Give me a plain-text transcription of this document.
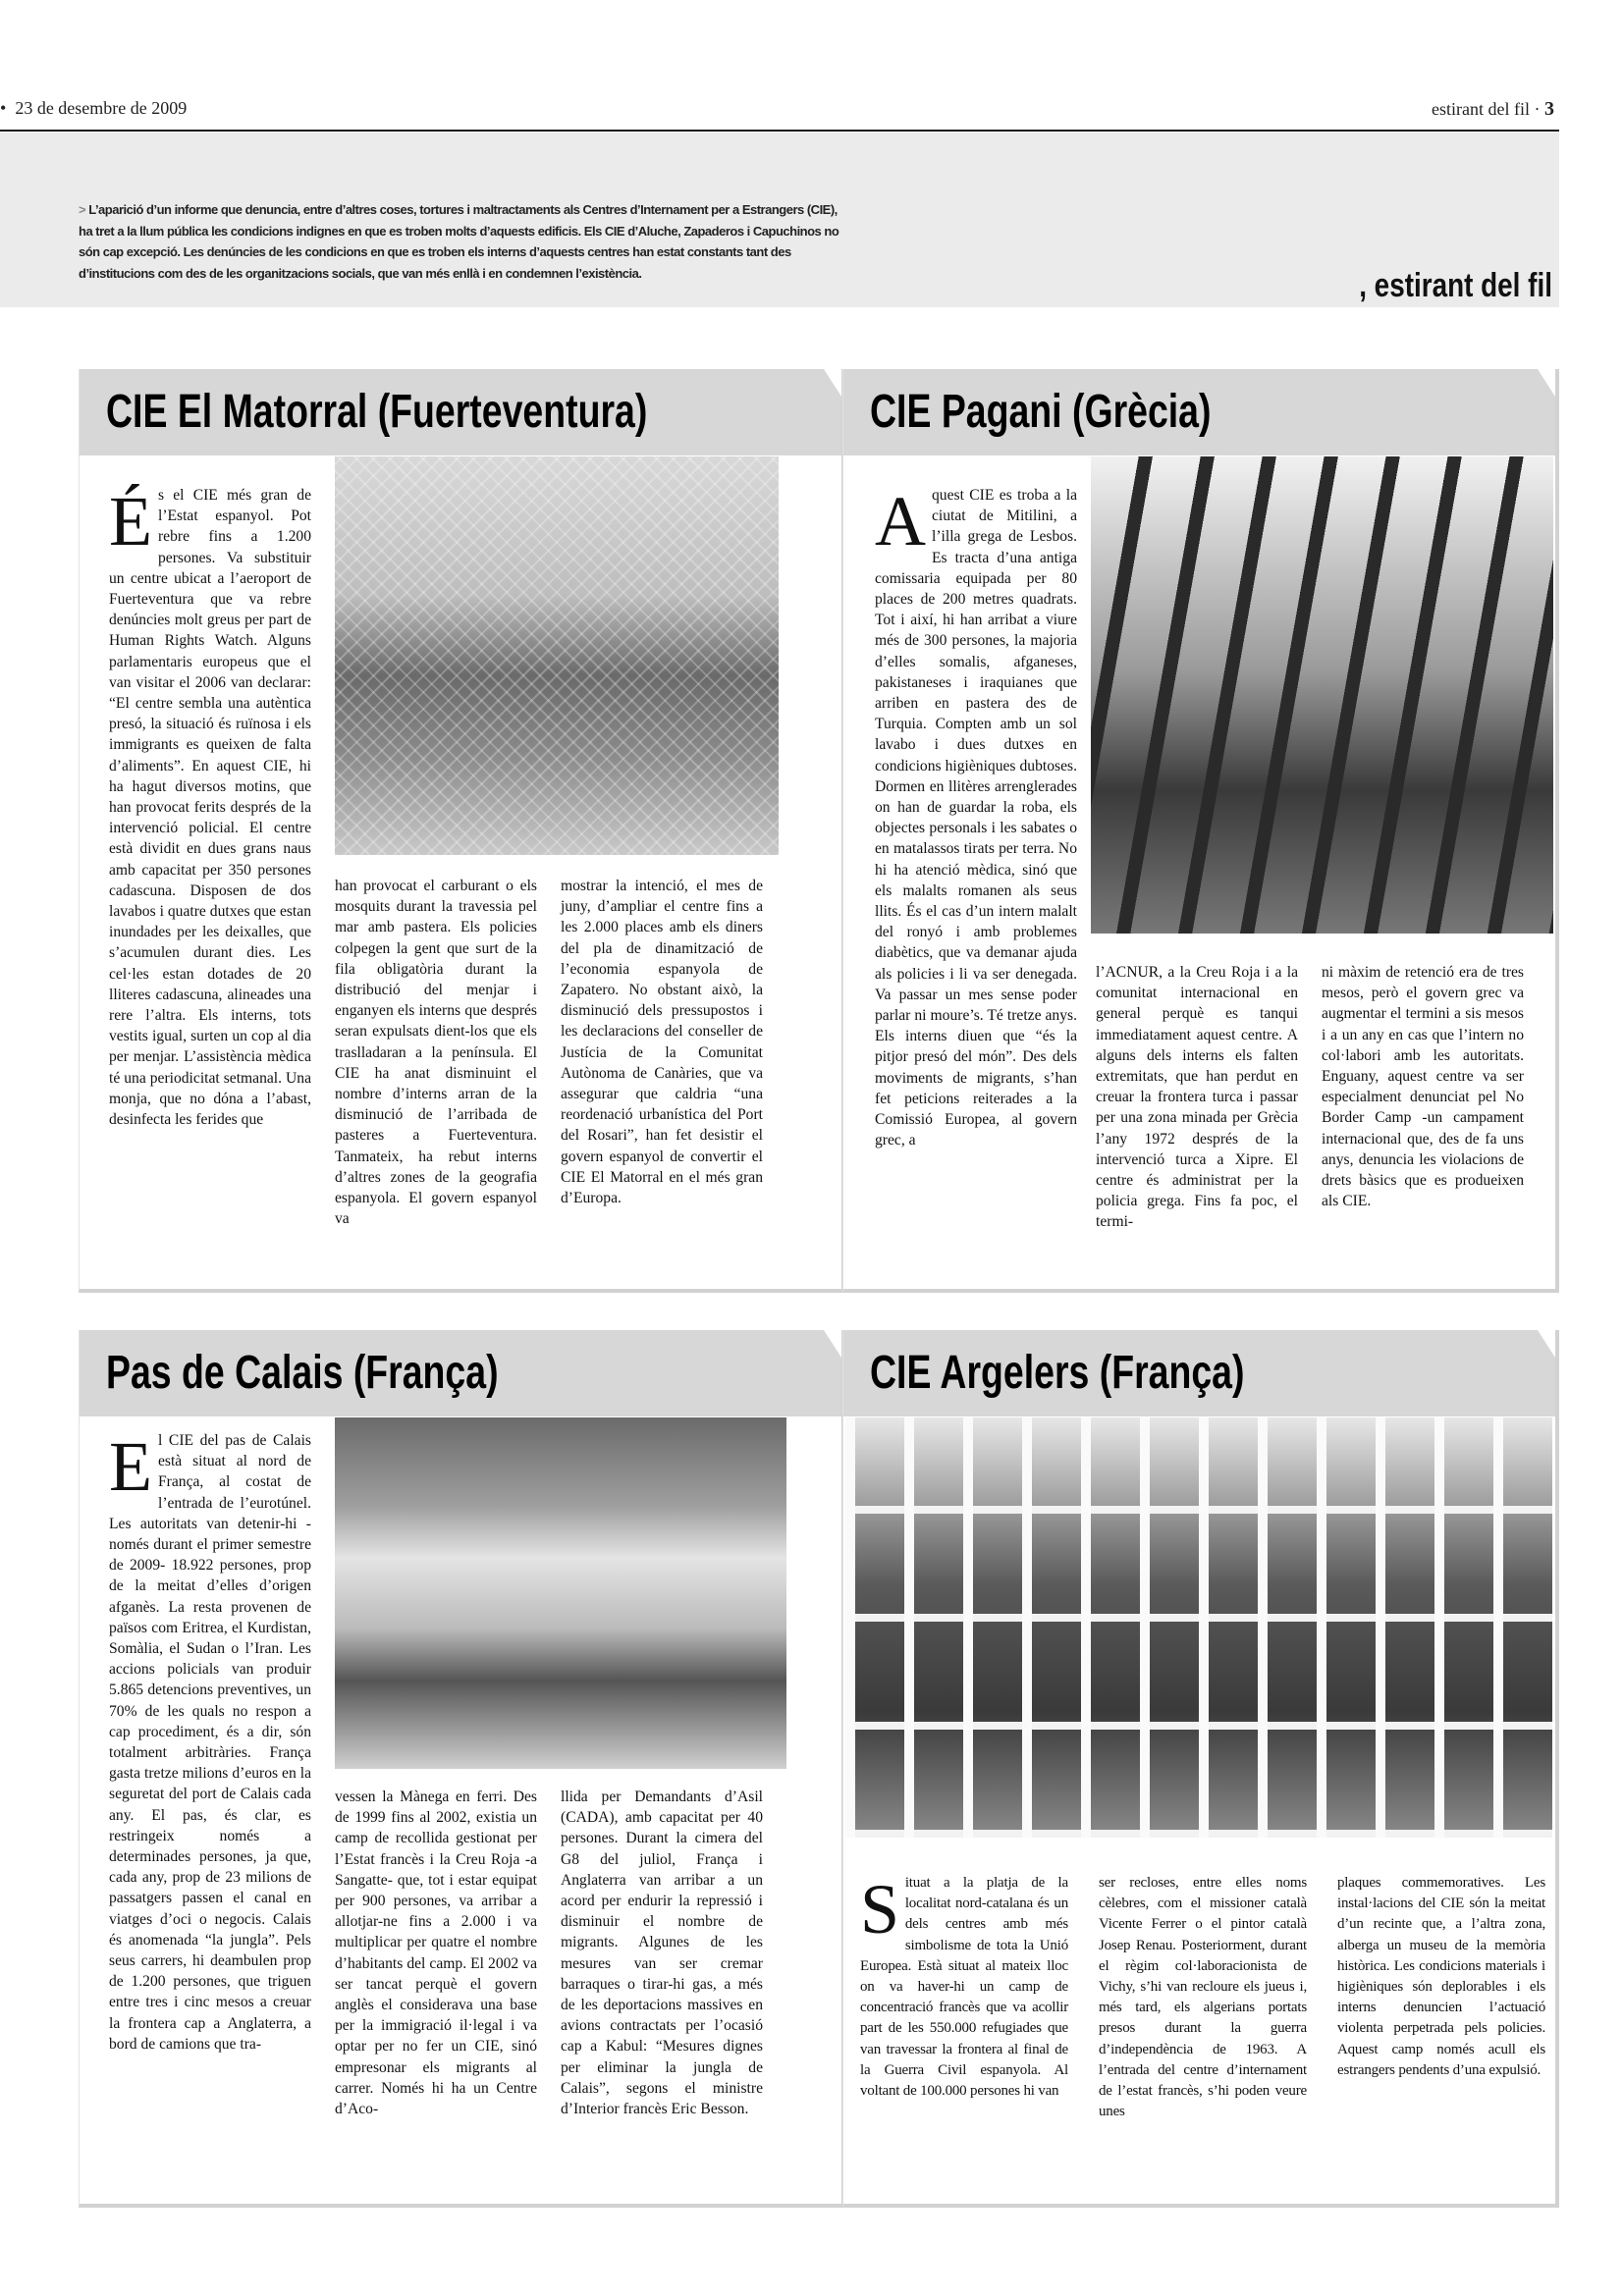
• 23 de desembre de 2009	estirant del fil · 3
> L’aparició d’un informe que denuncia, entre d’altres coses, tortures i maltractaments als Centres d’Internament per a Estrangers (CIE), ha tret a la llum pública les condicions indignes en que es troben molts d’aquests edificis. Els CIE d’Aluche, Zapaderos i Capuchinos no són cap excepció. Les denúncies de les condicions en que es troben els interns d’aquests centres han estat constants tant des d’institucions com des de les organitzacions socials, que van més enllà i en condemnen l’existència.	, estirant del fil
CIE El Matorral (Fuerteventura)
És el CIE més gran de l’Estat espanyol. Pot rebre fins a 1.200 persones. Va substituir un centre ubicat a l’aeroport de Fuerteventura que va rebre denúncies molt greus per part de Human Rights Watch. Alguns parlamentaris europeus que el van visitar el 2006 van declarar: “El centre sembla una autèntica presó, la situació és ruïnosa i els immigrants es queixen de falta d’aliments”. En aquest CIE, hi ha hagut diversos motins, que han provocat ferits després de la intervenció policial. El centre està dividit en dues grans naus amb capacitat per 350 persones cadascuna. Disposen de dos lavabos i quatre dutxes que estan inundades per les deixalles, que s’acumulen durant dies. Les cel·les estan dotades de 20 lliteres cadascuna, alineades una rere l’altra. Els interns, tots vestits igual, surten un cop al dia per menjar. L’assistència mèdica té una periodicitat setmanal. Una monja, que no dóna a l’abast, desinfecta les ferides que
han provocat el carburant o els mosquits durant la travessia pel mar amb pastera. Els policies colpegen la gent que surt de la fila obligatòria durant la distribució del menjar i enganyen els interns que després seran expulsats dient-los que els traslladaran a la península. El CIE ha anat disminuint el nombre d’interns arran de la disminució de l’arribada de pasteres a Fuerteventura. Tanmateix, ha rebut interns d’altres zones de la geografia espanyola. El govern espanyol va
mostrar la intenció, el mes de juny, d’ampliar el centre fins a les 2.000 places amb els diners del pla de dinamització de l’economia espanyola de Zapatero. No obstant això, la disminució dels pressupostos i les declaracions del conseller de Justícia de la Comunitat Autònoma de Canàries, que va assegurar que caldria “una reordenació urbanística del Port del Rosari”, han fet desistir el govern espanyol de convertir el CIE El Matorral en el més gran d’Europa.
CIE Pagani (Grècia)
Aquest CIE es troba a la ciutat de Mitilini, a l’illa grega de Lesbos. Es tracta d’una antiga comissaria equipada per 80 places de 200 metres quadrats. Tot i així, hi han arribat a viure més de 300 persones, la majoria d’elles somalis, afganeses, pakistaneses i iraquianes que arriben en pastera des de Turquia. Compten amb un sol lavabo i dues dutxes en condicions higièniques dubtoses. Dormen en llitères arrenglerades on han de guardar la roba, els objectes personals i les sabates o en matalassos tirats per terra. No hi ha atenció mèdica, sinó que els malalts romanen als seus llits. És el cas d’un intern malalt del ronyó i amb problemes diabètics, que va demanar ajuda als policies i li va ser denegada. Va passar un mes sense poder parlar ni moure’s. Té tretze anys. Els interns diuen que “és la pitjor presó del món”. Des dels moviments de migrants, s’han fet peticions reiterades a la Comissió Europea, al govern grec, a
l’ACNUR, a la Creu Roja i a la comunitat internacional en general perquè es tanqui immediatament aquest centre. A alguns dels interns els falten extremitats, que han perdut en creuar la frontera turca i passar per una zona minada per Grècia l’any 1972 després de la intervenció turca a Xipre. El centre és administrat per la policia grega. Fins fa poc, el termi-
ni màxim de retenció era de tres mesos, però el govern grec va augmentar el termini a sis mesos i a un any en cas que l’intern no col·labori amb les autoritats. Enguany, aquest centre va ser especialment denunciat pel No Border Camp -un campament internacional que, des de fa uns anys, denuncia les violacions de drets bàsics que es produeixen als CIE.
Pas de Calais (França)
El CIE del pas de Calais està situat al nord de França, al costat de l’entrada de l’eurotúnel. Les autoritats van detenir-hi -només durant el primer semestre de 2009- 18.922 persones, prop de la meitat d’elles d’origen afganès. La resta provenen de països com Eritrea, el Kurdistan, Somàlia, el Sudan o l’Iran. Les accions policials van produir 5.865 detencions preventives, un 70% de les quals no respon a cap procediment, és a dir, són totalment arbitràries. França gasta tretze milions d’euros en la seguretat del port de Calais cada any. El pas, és clar, es restringeix només a determinades persones, ja que, cada any, prop de 23 milions de passatgers passen el canal en viatges d’oci o negocis. Calais és anomenada “la jungla”. Pels seus carrers, hi deambulen prop de 1.200 persones, que triguen entre tres i cinc mesos a creuar la frontera cap a Anglaterra, a bord de camions que tra-
vessen la Mànega en ferri. Des de 1999 fins al 2002, existia un camp de recollida gestionat per l’Estat francès i la Creu Roja -a Sangatte- que, tot i estar equipat per 900 persones, va arribar a allotjar-ne fins a 2.000 i va multiplicar per quatre el nombre d’habitants del camp. El 2002 va ser tancat perquè el govern anglès el considerava una base per la immigració il·legal i va optar per no fer un CIE, sinó empresonar els migrants al carrer. Només hi ha un Centre d’Aco-
llida per Demandants d’Asil (CADA), amb capacitat per 40 persones. Durant la cimera del G8 del juliol, França i Anglaterra van arribar a un acord per endurir la repressió i disminuir el nombre de migrants. Algunes de les mesures van ser cremar barraques o tirar-hi gas, a més de les deportacions massives en avions contractats per l’ocasió cap a Kabul: “Mesures dignes per eliminar la jungla de Calais”, segons el ministre d’Interior francès Eric Besson.
CIE Argelers (França)
Situat a la platja de la localitat nord-catalana és un dels centres amb més simbolisme de tota la Unió Europea. Està situat al mateix lloc on va haver-hi un camp de concentració francès que va acollir part de les 550.000 refugiades que van travessar la frontera al final de la Guerra Civil espanyola. Al voltant de 100.000 persones hi van
ser recloses, entre elles noms cèlebres, com el missioner català Vicente Ferrer o el pintor català Josep Renau. Posteriorment, durant el règim col·laboracionista de Vichy, s’hi van recloure els jueus i, més tard, els algerians portats presos durant la guerra d’independència de 1963. A l’entrada del centre d’internament de l’estat francès, s’hi poden veure unes
plaques commemoratives. Les instal·lacions del CIE són la meitat d’un recinte que, a l’altra zona, alberga un museu de la memòria històrica. Les condicions materials i higièniques són deplorables i els interns denuncien l’actuació violenta perpetrada pels policies. Aquest camp només acull els estrangers pendents d’una expulsió.
